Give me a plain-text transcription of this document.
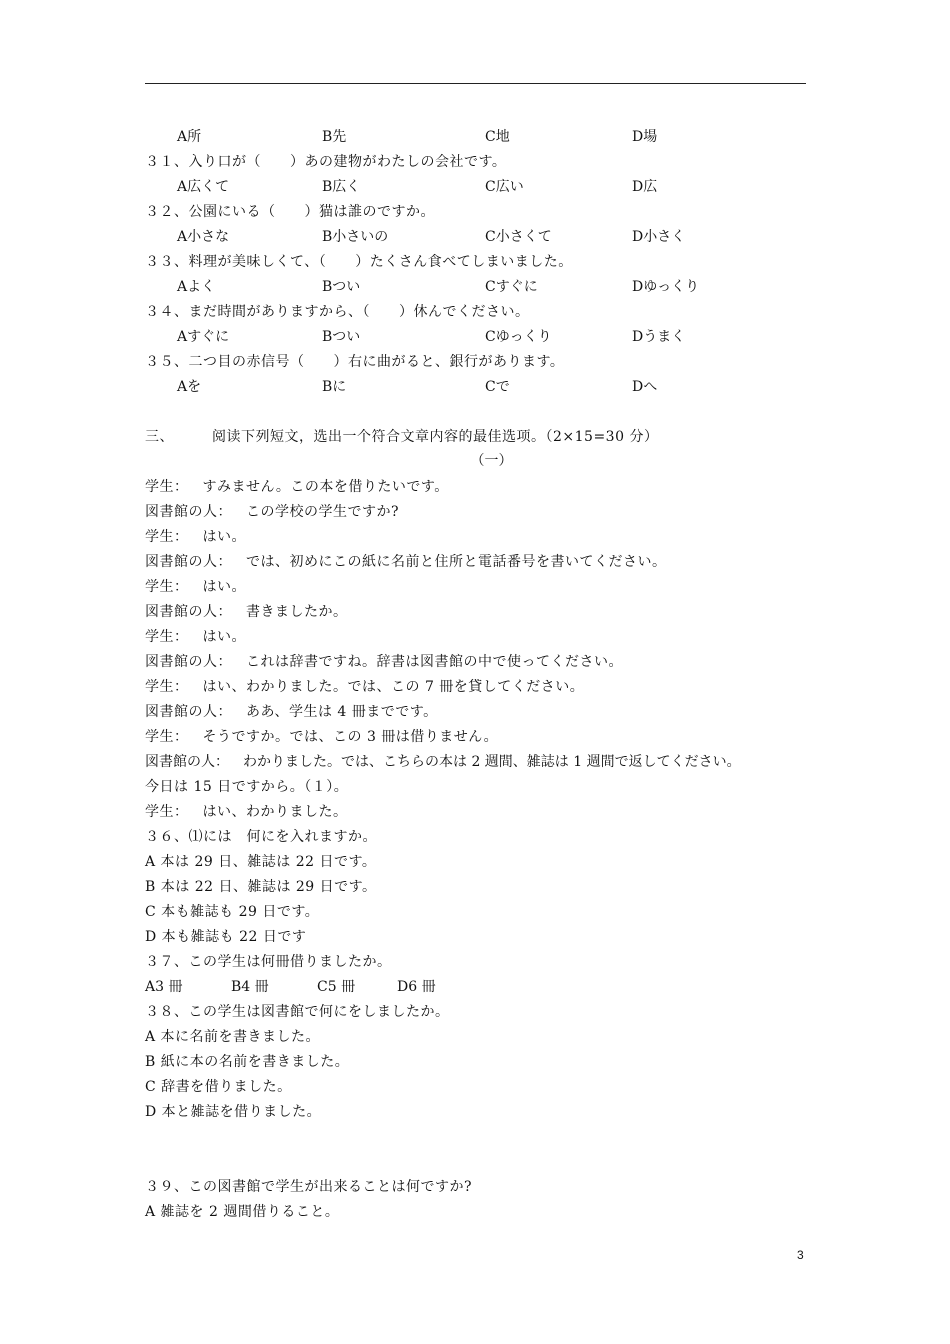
A所	B先	C地	D場
３１、入り口が（　　）あの建物がわたしの会社です。
A広くて	B広く	C広い	D広
３２、公園にいる（　　）猫は誰のですか。
A小さな	B小さいの	C小さくて	D小さく
３３、料理が美味しくて、（　　）たくさん食べてしまいました。
Aよく	Bつい	Cすぐに	Dゆっくり
３４、まだ時間がありますから、（　　）休んでください。
Aすぐに	Bつい	Cゆっくり	Dうまく
３５、二つ目の赤信号（　　）右に曲がると、銀行があります。
Aを	Bに	Cで	Dへ
三、	阅读下列短文，选出一个符合文章内容的最佳选项。（2×15=30 分）
（一）
学生： すみません。この本を借りたいです。
図書館の人： この学校の学生ですか?
学生： はい。
図書館の人： では、初めにこの紙に名前と住所と電話番号を書いてください。
学生： はい。
図書館の人： 書きましたか。
学生： はい。
図書館の人： これは辞書ですね。辞書は図書館の中で使ってください。
学生： はい、わかりました。では、この 7 冊を貸してください。
図書館の人： ああ、学生は 4 冊までです。
学生： そうですか。では、この 3 冊は借りません。
図書館の人： わかりました。では、こちらの本は 2 週間、雑誌は 1 週間で返してください。
今日は 15 日ですから。（１）。
学生： はい、わかりました。
３６、⑴には　何にを入れますか。
A 本は 29 日、雑誌は 22 日です。
B 本は 22 日、雑誌は 29 日です。
C 本も雑誌も 29 日です。
D 本も雑誌も 22 日です
３７、この学生は何冊借りましたか。
A3 冊	B4 冊	C5 冊	D6 冊
３８、この学生は図書館で何にをしましたか。
A 本に名前を書きました。
B 紙に本の名前を書きました。
C 辞書を借りました。
D 本と雑誌を借りました。
３９、この図書館で学生が出来ることは何ですか?
A 雑誌を 2 週間借りること。
3
